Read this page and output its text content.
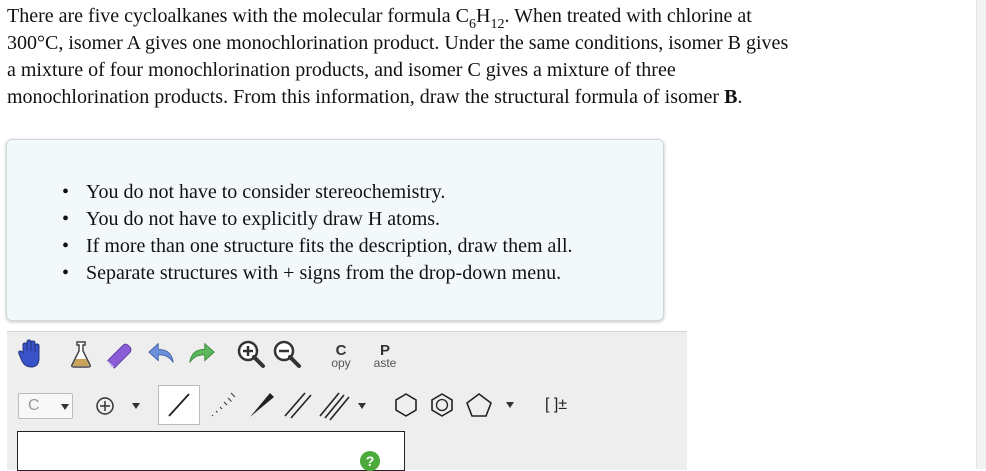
There are five cycloalkanes with the molecular formula $C_6H_{12}$. When treated with chlorine at
300°C, isomer A gives one monochlorination product. Under the same conditions, isomer B gives
a mixture of four monochlorination products, and isomer C gives a mixture of three
monochlorination products. From this information, draw the structural formula of isomer B.
• You do not have to consider stereochemistry.
• You do not have to explicitly draw H atoms.
• If more than one structure fits the description, draw them all.
• Separate structures with + signs from the drop-down menu.
C
opy
P
aste
C	[ ]±
?
